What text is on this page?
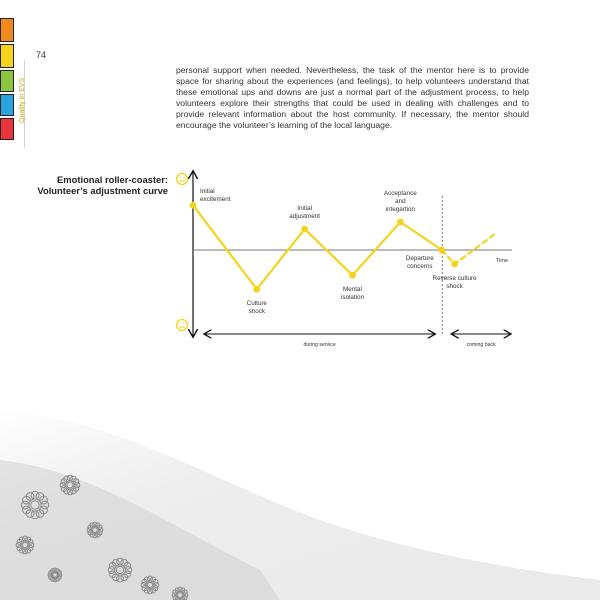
74
Quality in EVS

personal support when needed. Nevertheless, the task of the mentor here is to provide space for sharing about the experiences (and feelings), to help volunteers understand that these emotional ups and downs are just a normal part of the adjustment process, to help volunteers explore their strengths that could be used in dealing with challenges and to provide relevant information about the host community. If necessary, the mentor should encourage the volunteer’s learning of the local language.

Emotional roller-coaster:
Volunteer’s adjustment curve
Time
Initial
excitement
Culture
shock
Initial
adjustment
Mental
isolation
Acceptance
and
integartion
Departure
concerns
Reverse culture
shock
during service	coming back
